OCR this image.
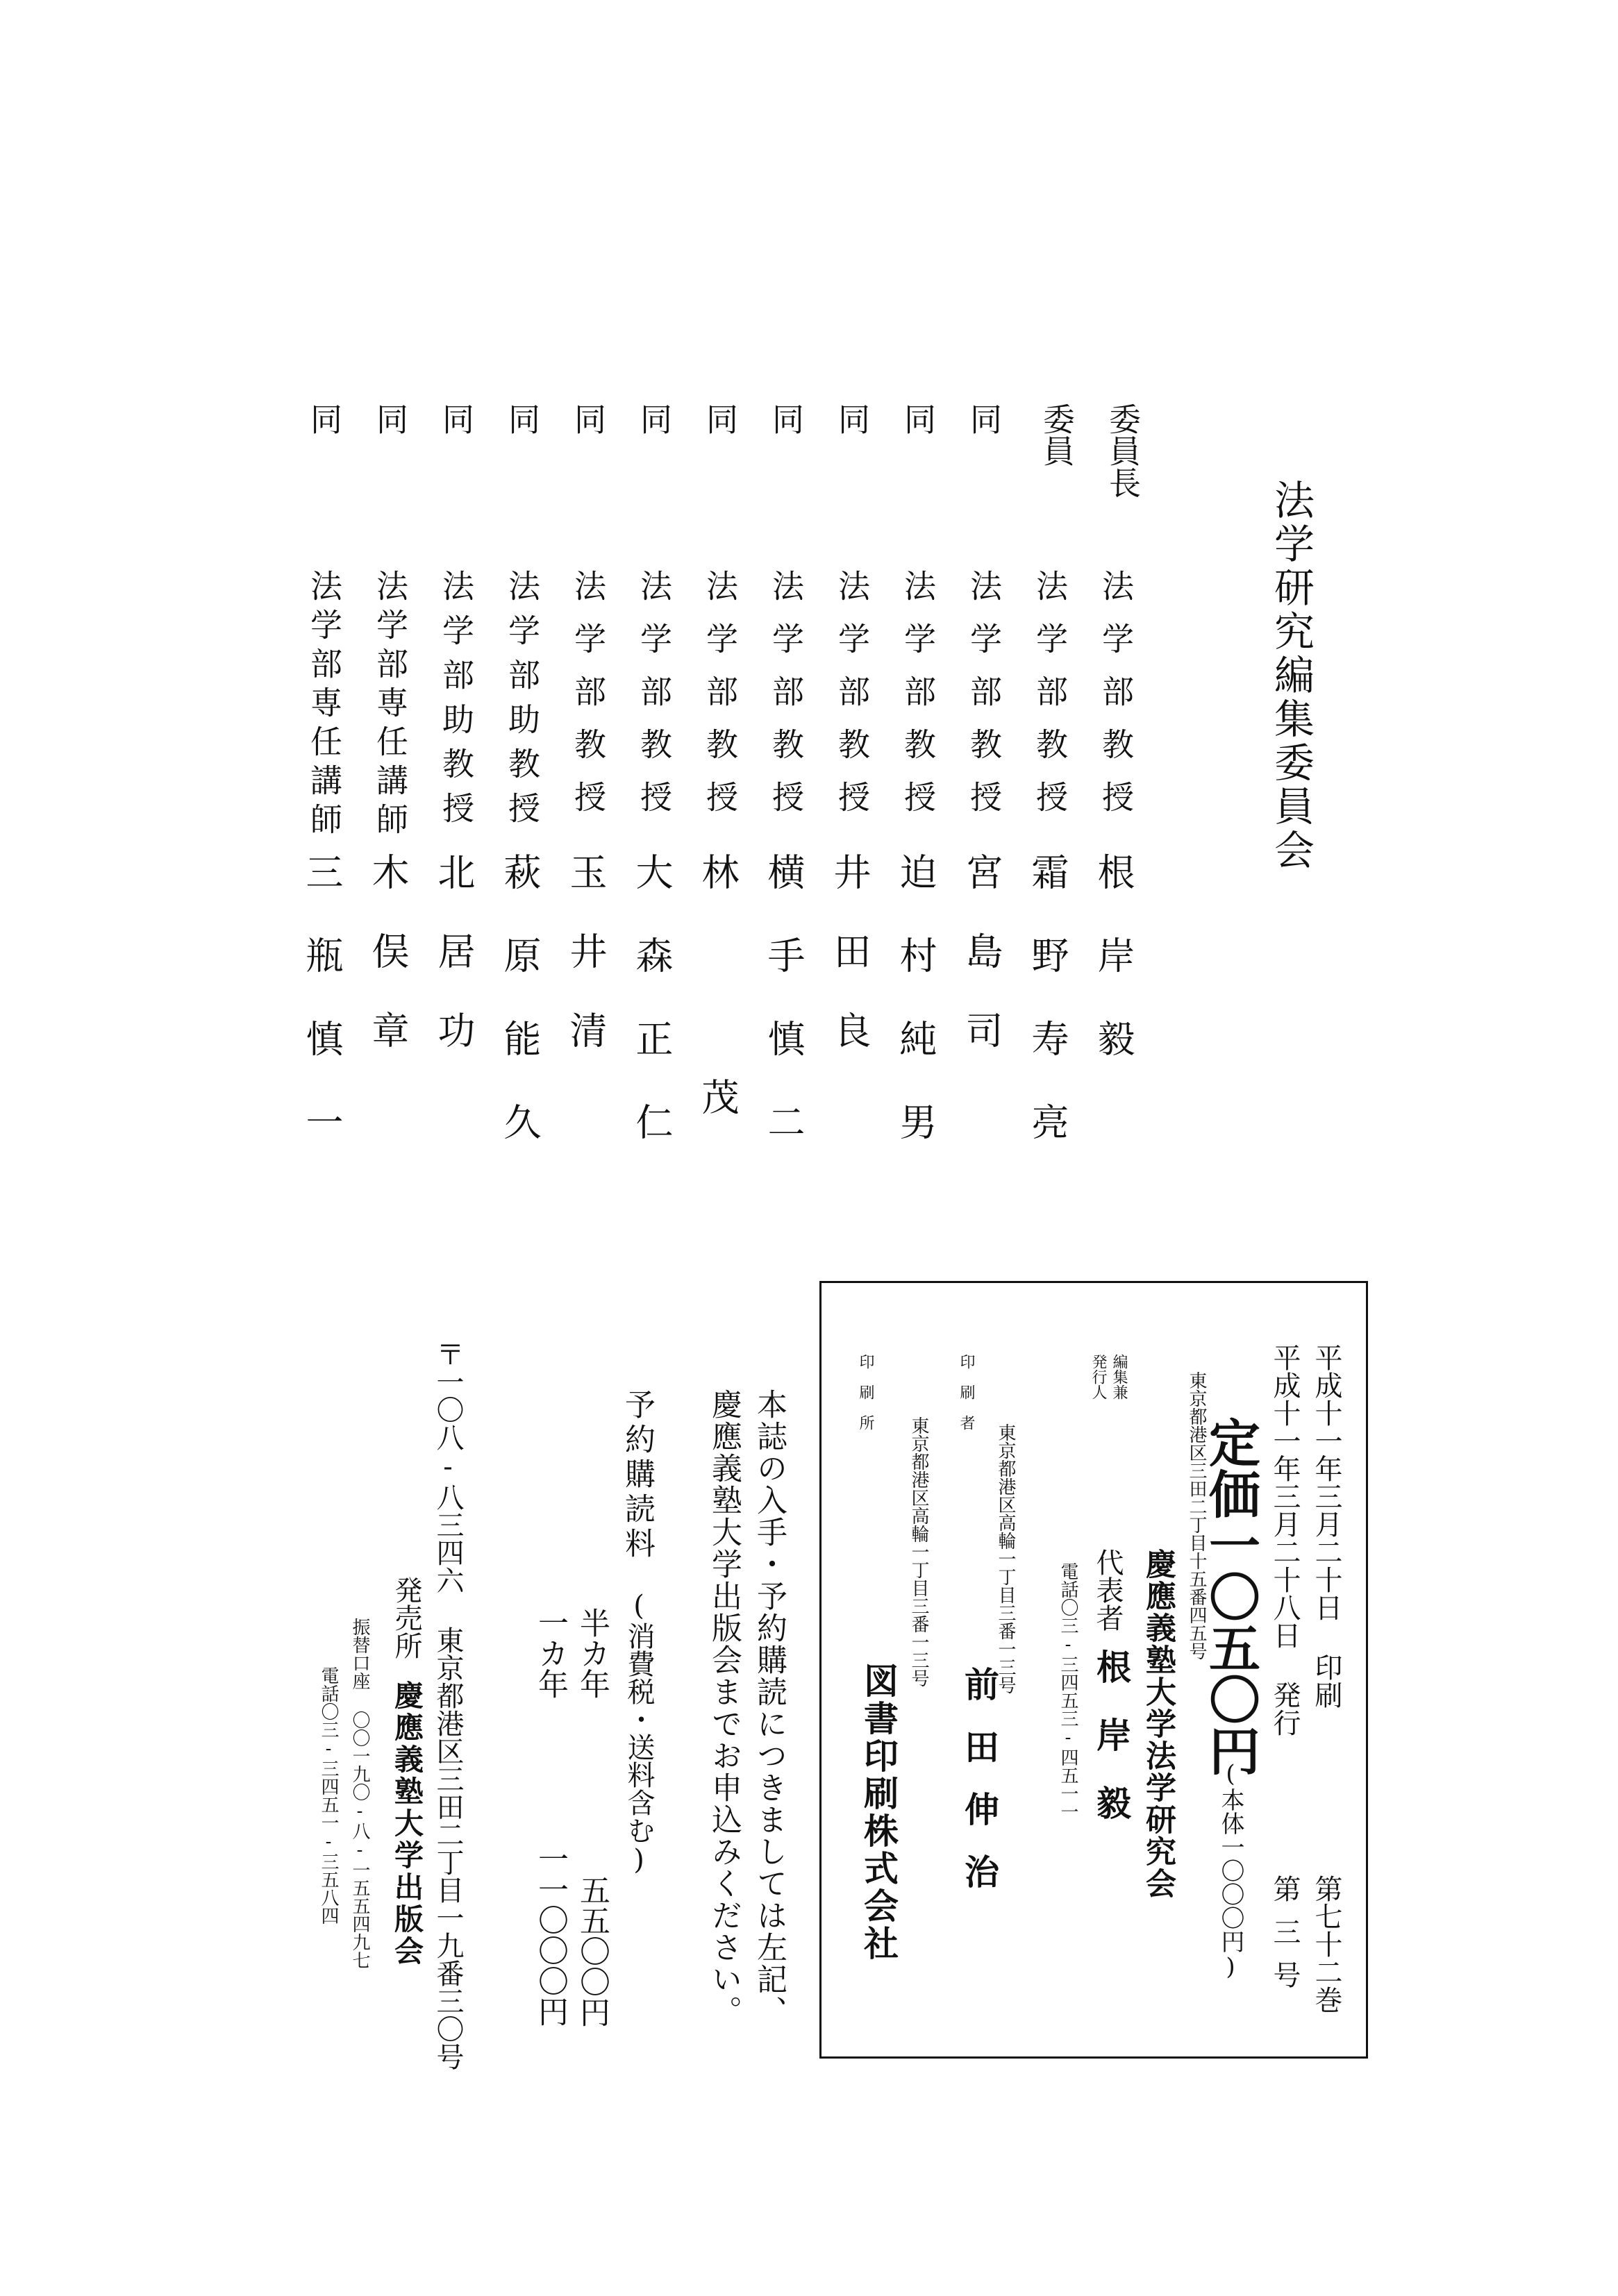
法学研究編集委員会
委員長
法学部教授
根岸毅
委員
法学部教授
霜野寿亮
同
法学部教授
宮島司
同
法学部教授
迫村純男
同
法学部教授
井田良
同
法学部教授
横手慎二
同
法学部教授
林茂
同
法学部教授
大森正仁
同
法学部教授
玉井清
同
法学部助教授
萩原能久
同
法学部助教授
北居功
同
法学部専任講師
木俣章
同
法学部専任講師
三瓶慎一
平成十一年三月二十日 印刷
第七十二巻
平成十一年三月二十八日 発行
第三号
定価一〇五〇円
(本体一〇〇〇円)
東京都港区三田二丁目十五番四五号
編集兼
発行人
慶應義塾大学法学研究会
代表者
根岸毅
電話〇三-三四五三-四五一一
印刷者
東京都港区高輪一丁目三番一三号
前田伸治
印刷所
東京都港区高輪一丁目三番一三号
図書印刷株式会社
本誌の入手・予約購読につきましては左記、
慶應義塾大学出版会までお申込みください。
予約購読料
(消費税・送料含む)
半カ年
五五〇〇円
一カ年
一一〇〇〇円
〒一〇八-八三四六 東京都港区三田二丁目一九番三〇号
発売所
慶應義塾大学出版会
振替口座 〇〇一九〇-八-一五五四九七
電話〇三-三四五一-三五八四
